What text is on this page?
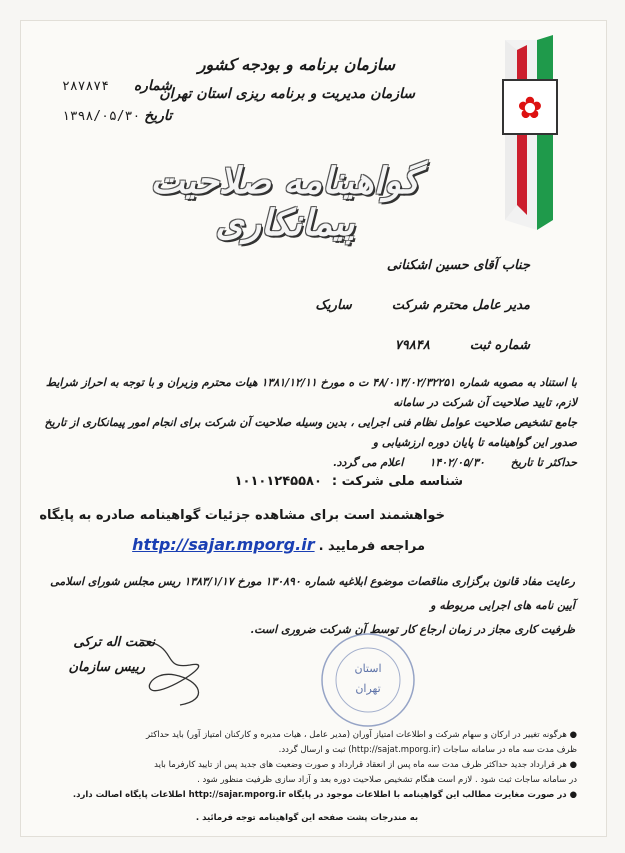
✿
سازمان برنامه و بودجه کشور
سازمان مدیریت و برنامه ریزی استان تهران
۲۸۷۸۷۴ شماره
۱۳۹۸/۰۵/۳۰ تاریخ
گواهینامه صلاحیت پیمانکاری
جناب آقای حسین اشکنانی
مدیر عامل محترم شرکت
ساریک
شماره ثبت
۷۹۸۴۸
با استناد به مصوبه شماره ۴۸/۰۱۳/۰۲/۳۲۲۵۱ ت ه مورخ ۱۳۸۱/۱۲/۱۱ هیات محترم وزیران و با توجه به احراز شرایط لازم، تایید صلاحیت آن شرکت در سامانه
جامع تشخیص صلاحیت عوامل نظام فنی اجرایی ، بدین وسیله صلاحیت آن شرکت برای انجام امور پیمانکاری از تاریخ صدور این گواهینامه تا پایان دوره ارزشیابی و
حداکثر تا تاریخ
۱۴۰۲/۰۵/۳۰
اعلام می گردد.
شناسه ملی شرکت :
۱۰۱۰۱۲۴۵۵۸۰
خواهشمند است برای مشاهده جزئیات گواهینامه صادره به پایگاه
مراجعه فرمایید .
http://sajar.mporg.ir
رعایت مفاد قانون برگزاری مناقصات موضوع ابلاغیه شماره ۱۳۰۸۹۰ مورخ ۱۳۸۳/۱/۱۷ ریس مجلس شورای اسلامی آیین نامه های اجرایی مربوطه و
ظرفیت کاری مجاز در زمان ارجاع کار توسط آن شرکت ضروری است.
استان
تهران
نعمت اله ترکی
رییس سازمان
● هرگونه تغییر در ارکان و سهام شرکت و اطلاعات امتیاز آوران (مدیر عامل ، هیات مدیره و کارکنان امتیاز آور) باید حداکثر
ظرف مدت سه ماه در سامانه ساجات (http://sajat.mporg.ir) ثبت و ارسال گردد.
● هر قرارداد جدید حداکثر ظرف مدت سه ماه پس از انعقاد قرارداد و صورت وضعیت های جدید پس از تایید کارفرما باید
در سامانه ساجات ثبت شود . لازم است هنگام تشخیص صلاحیت دوره بعد و آزاد سازی ظرفیت منظور شود .
● در صورت مغایرت مطالب این گواهینامه با اطلاعات موجود در پایگاه http://sajar.mporg.ir اطلاعات پایگاه اصالت دارد.
به مندرجات پشت صفحه این گواهینامه توجه فرمائید .
